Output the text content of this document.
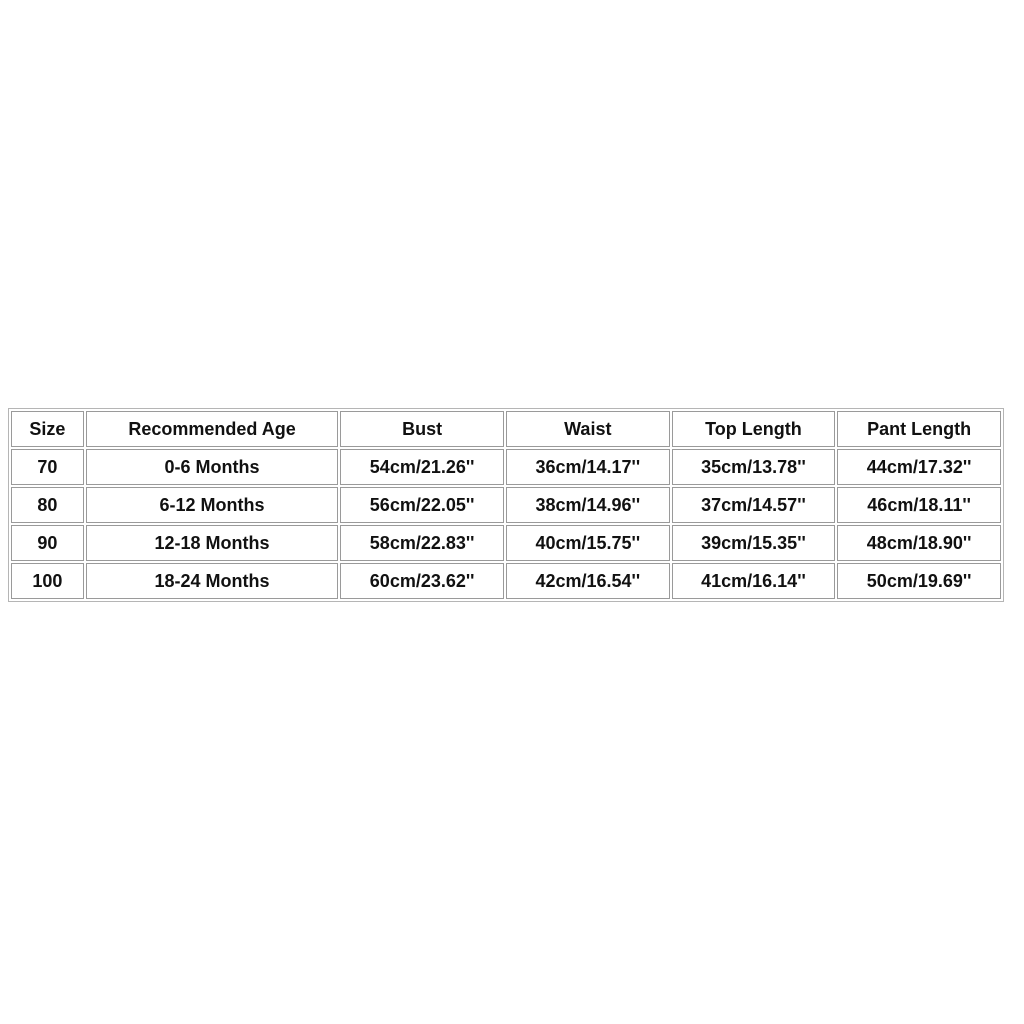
Size	Recommended Age	Bust	Waist	Top Length	Pant Length
70	0-6 Months	54cm/21.26''	36cm/14.17''	35cm/13.78''	44cm/17.32''
80	6-12 Months	56cm/22.05''	38cm/14.96''	37cm/14.57''	46cm/18.11''
90	12-18 Months	58cm/22.83''	40cm/15.75''	39cm/15.35''	48cm/18.90''
100	18-24 Months	60cm/23.62''	42cm/16.54''	41cm/16.14''	50cm/19.69''
